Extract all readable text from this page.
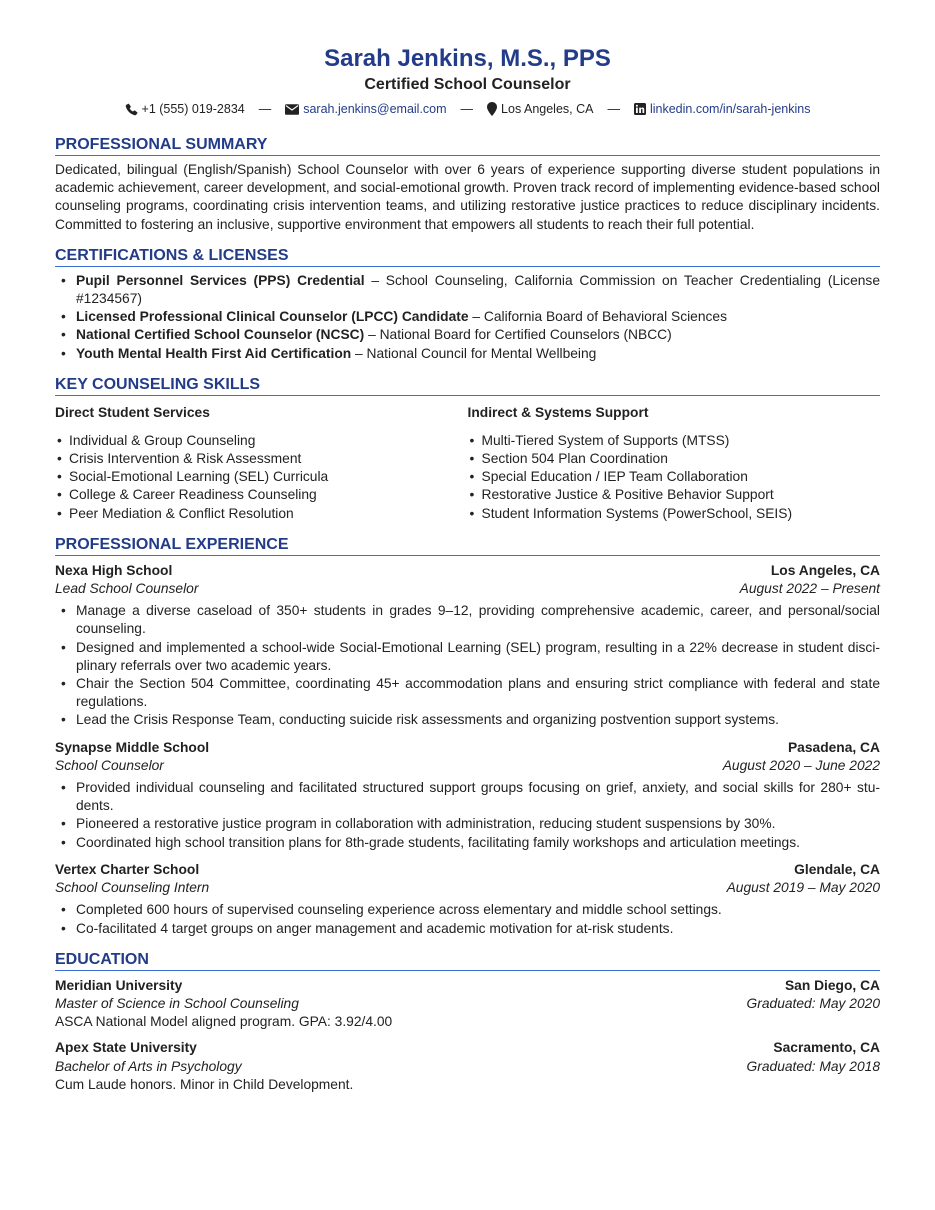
Sarah Jenkins, M.S., PPS
Certified School Counselor
+1 (555) 019-2834 —	sarah.jenkins@email.com — Los Angeles, CA — linkedin.com/in/sarah-jenkins
PROFESSIONAL SUMMARY

Dedicated, bilingual (English/Spanish) School Counselor with over 6 years of experience supporting diverse student populations in academic achievement, career development, and social-emotional growth. Proven track record of implementing evidence-based school counseling programs, coordinating crisis intervention teams, and utilizing restorative justice practices to reduce disciplinary incidents. Committed to fostering an inclusive, supportive environment that empowers all students to reach their full potential.

CERTIFICATIONS & LICENSES
• Pupil Personnel Services (PPS) Credential – School Counseling, California Commission on Teacher Credentialing (License #1234567)
• Licensed Professional Clinical Counselor (LPCC) Candidate – California Board of Behavioral Sciences
• National Certified School Counselor (NCSC) – National Board for Certified Counselors (NBCC)
• Youth Mental Health First Aid Certification – National Council for Mental Wellbeing
KEY COUNSELING SKILLS
Direct Student Services
• Individual & Group Counseling
• Crisis Intervention & Risk Assessment
• Social-Emotional Learning (SEL) Curricula
• College & Career Readiness Counseling
• Peer Mediation & Conflict Resolution
Indirect & Systems Support
• Multi-Tiered System of Supports (MTSS)
• Section 504 Plan Coordination
• Special Education / IEP Team Collaboration
• Restorative Justice & Positive Behavior Support
• Student Information Systems (PowerSchool, SEIS)
PROFESSIONAL EXPERIENCE
Nexa High School	Los Angeles, CA
Lead School Counselor	August 2022 – Present
• Manage a diverse caseload of 350+ students in grades 9–12, providing comprehensive academic, career, and personal/social counseling.
• Designed and implemented a school-wide Social-Emotional Learning (SEL) program, resulting in a 22% decrease in student disciplinary referrals over two academic years.
• Chair the Section 504 Committee, coordinating 45+ accommodation plans and ensuring strict compliance with federal and state regulations.
• Lead the Crisis Response Team, conducting suicide risk assessments and organizing postvention support systems.
Synapse Middle School	Pasadena, CA
School Counselor	August 2020 – June 2022
• Provided individual counseling and facilitated structured support groups focusing on grief, anxiety, and social skills for 280+ students.
• Pioneered a restorative justice program in collaboration with administration, reducing student suspensions by 30%.
• Coordinated high school transition plans for 8th-grade students, facilitating family workshops and articulation meetings.
Vertex Charter School	Glendale, CA
School Counseling Intern	August 2019 – May 2020
• Completed 600 hours of supervised counseling experience across elementary and middle school settings.
• Co-facilitated 4 target groups on anger management and academic motivation for at-risk students.
EDUCATION
Meridian University	San Diego, CA
Master of Science in School Counseling	Graduated: May 2020
ASCA National Model aligned program. GPA: 3.92/4.00
Apex State University	Sacramento, CA
Bachelor of Arts in Psychology	Graduated: May 2018
Cum Laude honors. Minor in Child Development.
